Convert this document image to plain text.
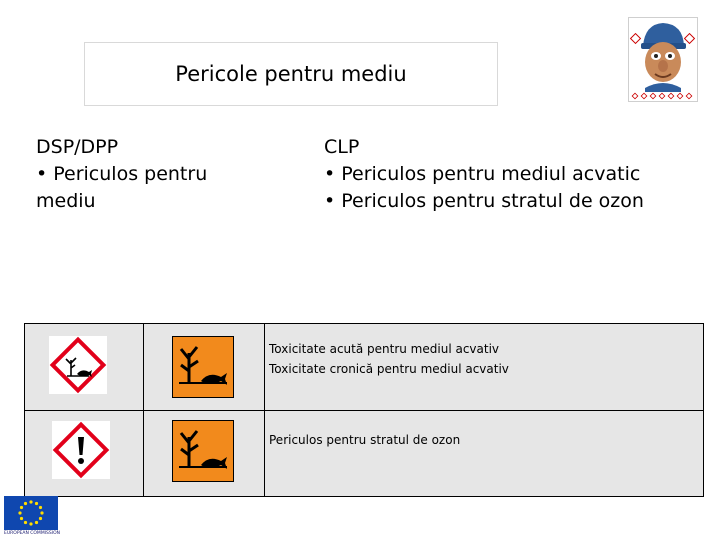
Pericole pentru mediu
DSP/DPP
• Periculos pentru mediu
CLP
• Periculos pentru mediul acvatic
• Periculos pentru stratul de ozon
Toxicitate acută pentru mediul acvativ
Toxicitate cronică pentru mediul acvativ
Periculos pentru stratul de ozon
EUROPEAN COMMISSION
